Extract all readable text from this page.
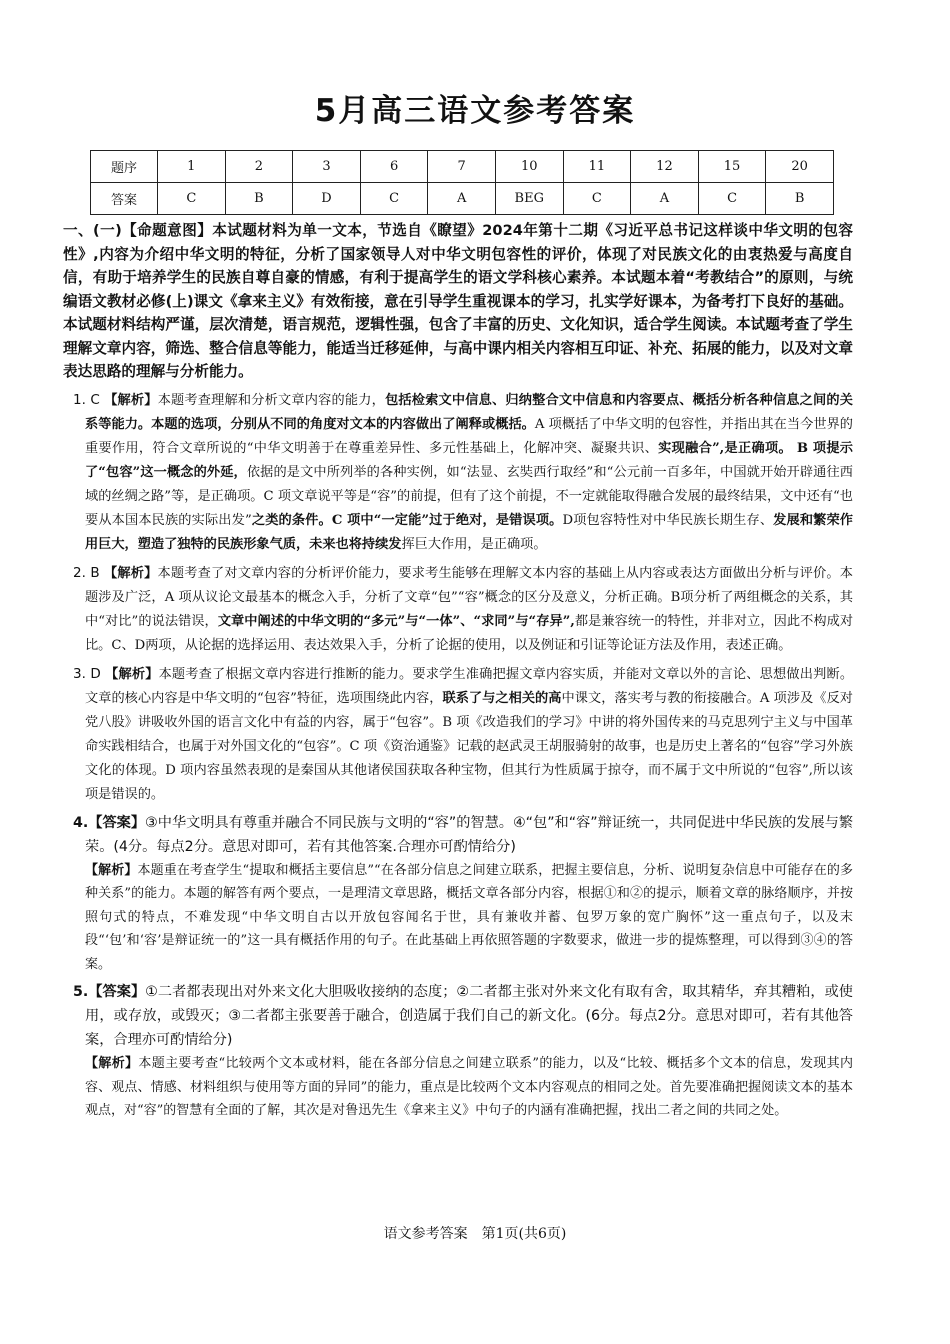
5月高三语文参考答案
题序	1	2	3	6	7	10	11	12	15	20
答案	C	B	D	C	A	BEG	C	A	C	B

一、(一)【命题意图】本试题材料为单一文本，节选自《瞭望》2024年第十二期《习近平总书记这样谈中华文明的包容性》,内容为介绍中华文明的特征，分析了国家领导人对中华文明包容性的评价，体现了对民族文化的由衷热爱与高度自信，有助于培养学生的民族自尊自豪的情感，有利于提高学生的语文学科核心素养。本试题本着“考教结合”的原则，与统编语文教材必修(上)课文《拿来主义》有效衔接，意在引导学生重视课本的学习，扎实学好课本，为备考打下良好的基础。本试题材料结构严谨，层次清楚，语言规范，逻辑性强，包含了丰富的历史、文化知识，适合学生阅读。本试题考查了学生理解文章内容，筛选、整合信息等能力，能适当迁移延伸，与高中课内相关内容相互印证、补充、拓展的能力，以及对文章表达思路的理解与分析能力。

1. C 【解析】本题考查理解和分析文章内容的能力，包括检索文中信息、归纳整合文中信息和内容要点、概括分析各种信息之间的关系等能力。本题的选项，分别从不同的角度对文本的内容做出了阐释或概括。A 项概括了中华文明的包容性，并指出其在当今世界的重要作用，符合文章所说的“中华文明善于在尊重差异性、多元性基础上，化解冲突、凝聚共识、实现融合”,是正确项。 B 项提示了“包容”这一概念的外延，依据的是文中所列举的各种实例，如“法显、玄奘西行取经”和“公元前一百多年，中国就开始开辟通往西域的丝绸之路”等，是正确项。C 项文章说平等是“容”的前提，但有了这个前提，不一定就能取得融合发展的最终结果，文中还有“也要从本国本民族的实际出发”之类的条件。C 项中“一定能”过于绝对，是错误项。D项包容特性对中华民族长期生存、发展和繁荣作用巨大，塑造了独特的民族形象气质，未来也将持续发挥巨大作用，是正确项。

2. B 【解析】本题考查了对文章内容的分析评价能力，要求考生能够在理解文本内容的基础上从内容或表达方面做出分析与评价。本题涉及广泛，A 项从议论文最基本的概念入手，分析了文章“包”“容”概念的区分及意义，分析正确。B项分析了两组概念的关系，其中“对比”的说法错误，文章中阐述的中华文明的“多元”与“一体”、“求同”与“存异”,都是兼容统一的特性，并非对立，因此不构成对比。C、D两项，从论据的选择运用、表达效果入手，分析了论据的使用，以及例证和引证等论证方法及作用，表述正确。

3. D 【解析】本题考查了根据文章内容进行推断的能力。要求学生准确把握文章内容实质，并能对文章以外的言论、思想做出判断。文章的核心内容是中华文明的“包容”特征，选项围绕此内容，联系了与之相关的高中课文，落实考与教的衔接融合。A 项涉及《反对党八股》讲吸收外国的语言文化中有益的内容，属于“包容”。B 项《改造我们的学习》中讲的将外国传来的马克思列宁主义与中国革命实践相结合，也属于对外国文化的“包容”。C 项《资治通鉴》记载的赵武灵王胡服骑射的故事，也是历史上著名的“包容”学习外族文化的体现。D 项内容虽然表现的是秦国从其他诸侯国获取各种宝物，但其行为性质属于掠夺，而不属于文中所说的“包容”,所以该项是错误的。

4.【答案】③中华文明具有尊重并融合不同民族与文明的“容”的智慧。④“包”和“容”辩证统一，共同促进中华民族的发展与繁荣。(4分。每点2分。意思对即可，若有其他答案.合理亦可酌情给分)

【解析】本题重在考查学生“提取和概括主要信息”“在各部分信息之间建立联系，把握主要信息，分析、说明复杂信息中可能存在的多种关系”的能力。本题的解答有两个要点，一是理清文章思路，概括文章各部分内容，根据①和②的提示，顺着文章的脉络顺序，并按照句式的特点，不难发现“中华文明自古以开放包容闻名于世，具有兼收并蓄、包罗万象的宽广胸怀”这一重点句子，以及末段“‘包’和‘容’是辩证统一的”这一具有概括作用的句子。在此基础上再依照答题的字数要求，做进一步的提炼整理，可以得到③④的答案。

5.【答案】①二者都表现出对外来文化大胆吸收接纳的态度；②二者都主张对外来文化有取有舍，取其精华，弃其糟粕，或使用，或存放，或毁灭；③二者都主张要善于融合，创造属于我们自己的新文化。(6分。每点2分。意思对即可，若有其他答案，合理亦可酌情给分)

【解析】本题主要考查“比较两个文本或材料，能在各部分信息之间建立联系”的能力，以及“比较、概括多个文本的信息，发现其内容、观点、情感、材料组织与使用等方面的异同”的能力，重点是比较两个文本内容观点的相同之处。首先要准确把握阅读文本的基本观点，对“容”的智慧有全面的了解，其次是对鲁迅先生《拿来主义》中句子的内涵有准确把握，找出二者之间的共同之处。

语文参考答案　第1页(共6页)
